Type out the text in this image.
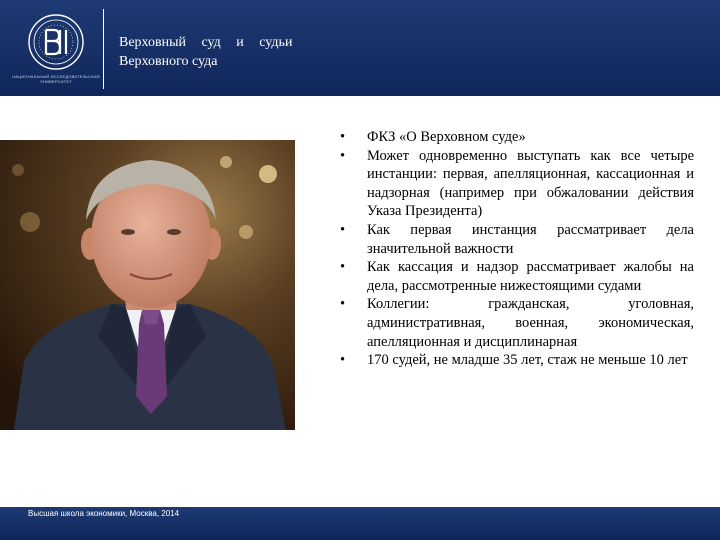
НАЦИОНАЛЬНЫЙ ИССЛЕДОВАТЕЛЬСКИЙ УНИВЕРСИТЕТ
Верховный суд и судьи
Верховного суда
• ФКЗ «О Верховном суде»
• Может одновременно выступать как все четыре инстанции: первая, апелляционная, кассационная и надзорная (например при обжаловании действия Указа Президента)
• Как первая инстанция рассматривает дела значительной важности
• Как кассация и надзор рассматривает жалобы на дела, рассмотренные нижестоящими судами
• Коллегии: гражданская, уголовная, административная, военная, экономическая, апелляционная и дисциплинарная
• 170 судей, не младше 35 лет, стаж не меньше 10 лет
Высшая школа экономики, Москва, 2014
